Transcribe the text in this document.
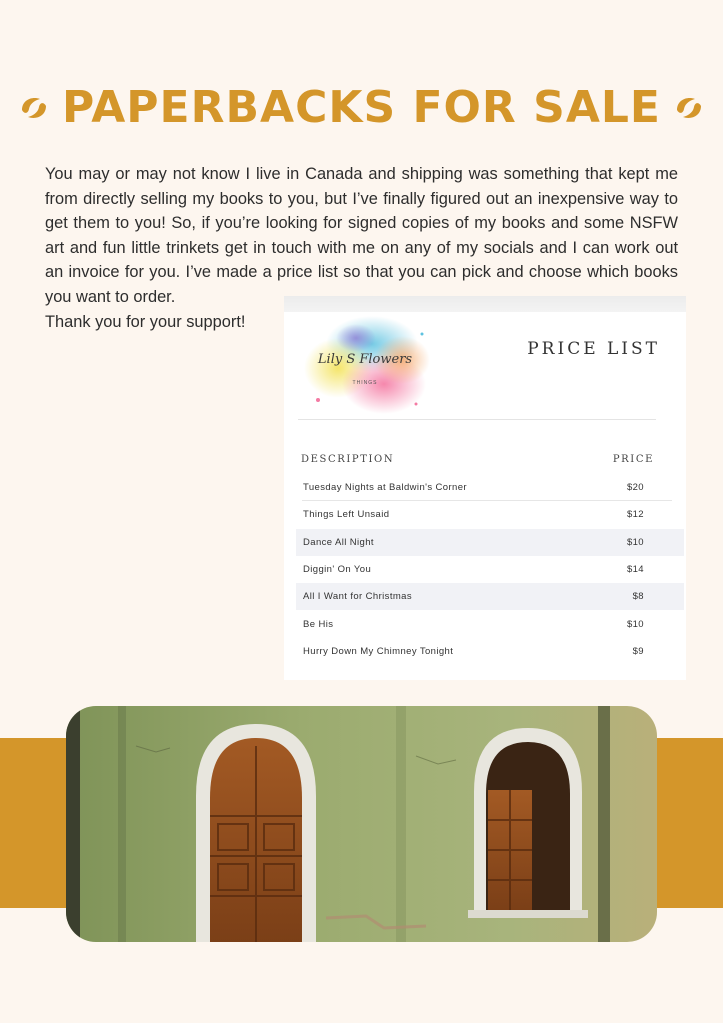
PAPERBACKS FOR SALE

You may or may not know I live in Canada and shipping was something that kept me from directly selling my books to you, but I’ve finally figured out an inexpensive way to get them to you! So, if you’re looking for signed copies of my books and some NSFW art and fun little trinkets get in touch with me on any of my socials and I can work out an invoice for you. I’ve made a price list so that you can pick and choose which books you want to order.

Thank you for your support!

Lily S Flowers
THINGS
PRICE LIST
DESCRIPTION	PRICE
Tuesday Nights at Baldwin's Corner	$20
Things Left Unsaid	$12
Dance All Night	$10
Diggin' On You	$14
All I Want for Christmas	$8
Be His	$10
Hurry Down My Chimney Tonight	$9
